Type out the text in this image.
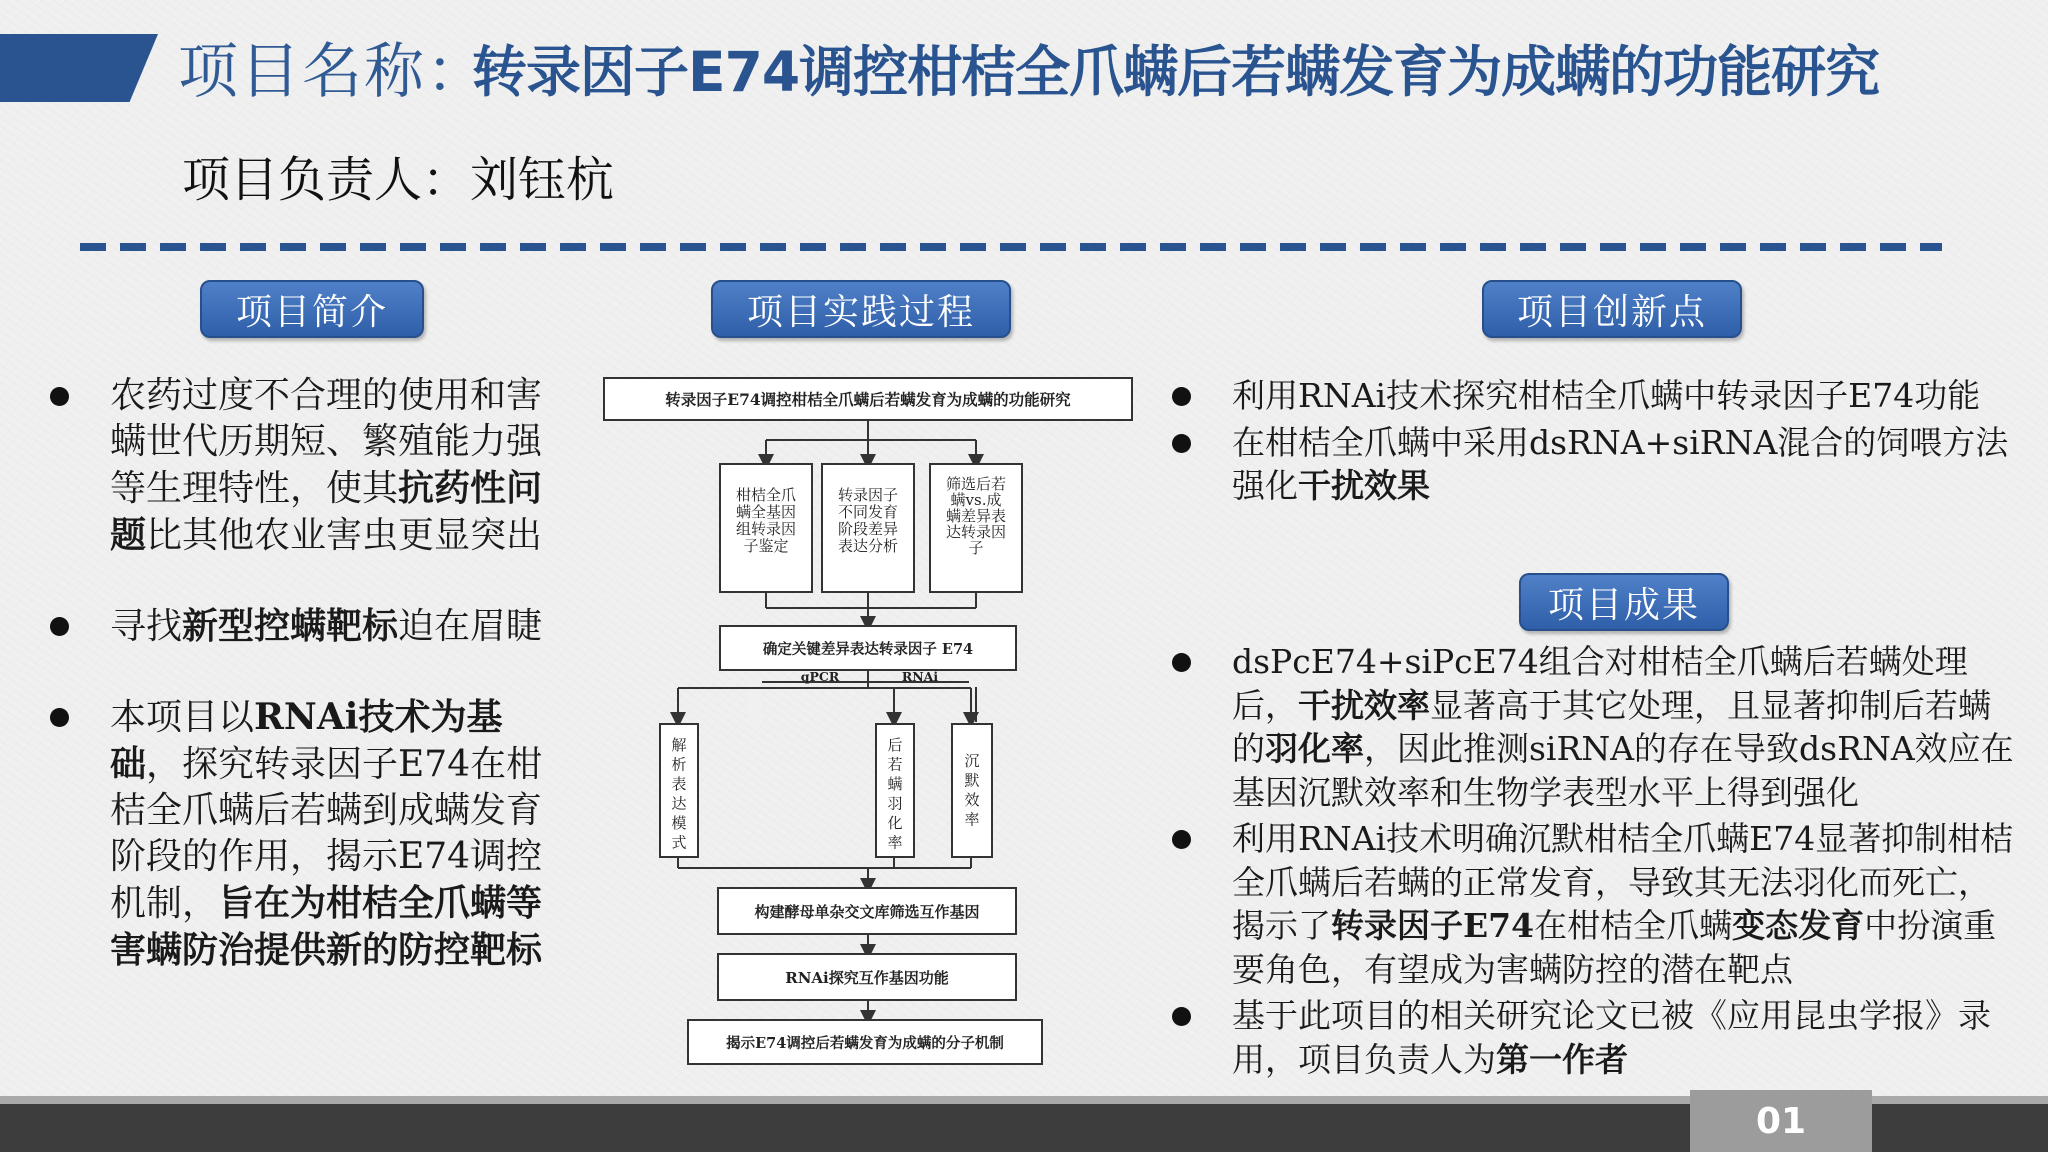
项目名称：
转录因子E74调控柑桔全爪螨后若螨发育为成螨的功能研究
项目负责人：刘钰杭
项目简介	项目实践过程	项目创新点
项目成果
农药过度不合理的使用和害螨世代历期短、繁殖能力强等生理特性，使其抗药性问题比其他农业害虫更显突出
寻找新型控螨靶标迫在眉睫
本项目以RNAi技术为基础，探究转录因子E74在柑桔全爪螨后若螨到成螨发育阶段的作用，揭示E74调控机制，旨在为柑桔全爪螨等害螨防治提供新的防控靶标
转录因子E74调控柑桔全爪螨后若螨发育为成螨的功能研究
柑桔全爪螨全基因组转录因子鉴定
转录因子不同发育阶段差异表达分析
筛选后若螨vs.成螨差异表达转录因子
确定关键差异表达转录因子 E74
qPCR	RNAi
解析表达模式
后若螨羽化率
沉默效率
构建酵母单杂交文库筛选互作基因
RNAi探究互作基因功能
揭示E74调控后若螨发育为成螨的分子机制
利用RNAi技术探究柑桔全爪螨中转录因子E74功能
在柑桔全爪螨中采用dsRNA+siRNA混合的饲喂方法强化干扰效果
dsPcE74+siPcE74组合对柑桔全爪螨后若螨处理后，干扰效率显著高于其它处理，且显著抑制后若螨的羽化率，因此推测siRNA的存在导致dsRNA效应在基因沉默效率和生物学表型水平上得到强化
利用RNAi技术明确沉默柑桔全爪螨E74显著抑制柑桔全爪螨后若螨的正常发育，导致其无法羽化而死亡，揭示了转录因子E74在柑桔全爪螨变态发育中扮演重要角色，有望成为害螨防控的潜在靶点
基于此项目的相关研究论文已被《应用昆虫学报》录用，项目负责人为第一作者
01
